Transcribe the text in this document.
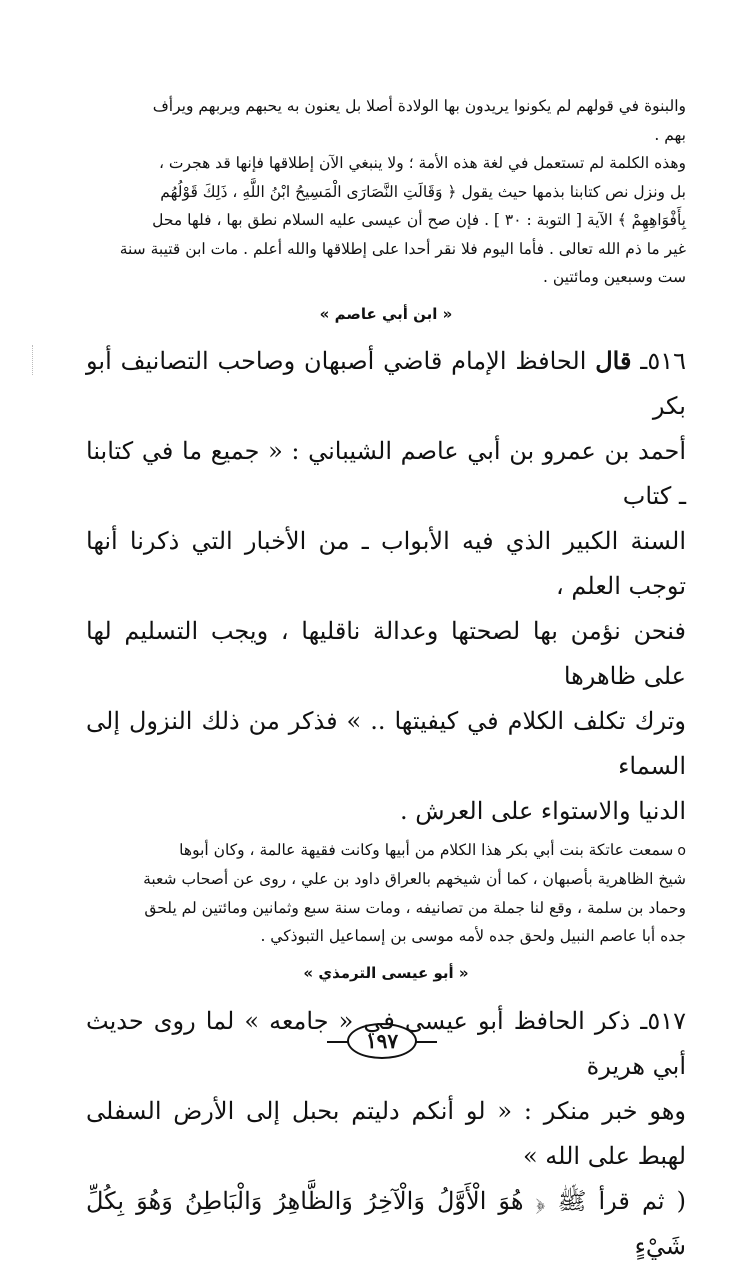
والبنوة في قولهم لم يكونوا يريدون بها الولادة أصلا بل يعنون به يحبهم ويربهم ويرأف
بهم .

وهذه الكلمة لم تستعمل في لغة هذه الأمة ؛ ولا ينبغي الآن إطلاقها فإنها قد هجرت ،
بل ونزل نص كتابنا بذمها حيث يقول ﴿ وَقَالَتِ النَّصَارَى الْمَسِيحُ ابْنُ اللَّهِ ، ذَلِكَ قَوْلُهُم
بِأَفْوَاهِهِمْ ﴾ الآية [ التوبة : ٣٠ ] . فإن صح أن عيسى عليه السلام نطق بها ، فلها محل
غير ما ذم الله تعالى . فأما اليوم فلا نقر أحدا على إطلاقها والله أعلم . مات ابن قتيبة سنة
ست وسبعين ومائتين .

« ابن أبي عاصم »

٥١٦ـ قال الحافظ الإمام قاضي أصبهان وصاحب التصانيف أبو بكر
أحمد بن عمرو بن أبي عاصم الشيباني : « جميع ما في كتابنا ـ كتاب
السنة الكبير الذي فيه الأبواب ـ من الأخبار التي ذكرنا أنها توجب العلم ،
فنحن نؤمن بها لصحتها وعدالة ناقليها ، ويجب التسليم لها على ظاهرها
وترك تكلف الكلام في كيفيتها .. » فذكر من ذلك النزول إلى السماء
الدنيا والاستواء على العرش .

oسمعت عاتكة بنت أبي بكر هذا الكلام من أبيها وكانت فقيهة عالمة ، وكان أبوها
شيخ الظاهرية بأصبهان ، كما أن شيخهم بالعراق داود بن علي ، روى عن أصحاب شعبة
وحماد بن سلمة ، وقع لنا جملة من تصانيفه ، ومات سنة سبع وثمانين ومائتين لم يلحق
جده أبا عاصم النبيل ولحق جده لأمه موسى بن إسماعيل التبوذكي .

« أبو عيسى الترمذي »

٥١٧ـ ذكر الحافظ أبو عيسى في « جامعه » لما روى حديث أبي هريرة
وهو خبر منكر : « لو أنكم دليتم بحبل إلى الأرض السفلى لهبط على الله »
( ثم قرأ ﷺ ﴿ هُوَ الْأَوَّلُ وَالْآخِرُ وَالظَّاهِرُ وَالْبَاطِنُ وَهُوَ بِكُلِّ شَيْءٍ

١٩٧
